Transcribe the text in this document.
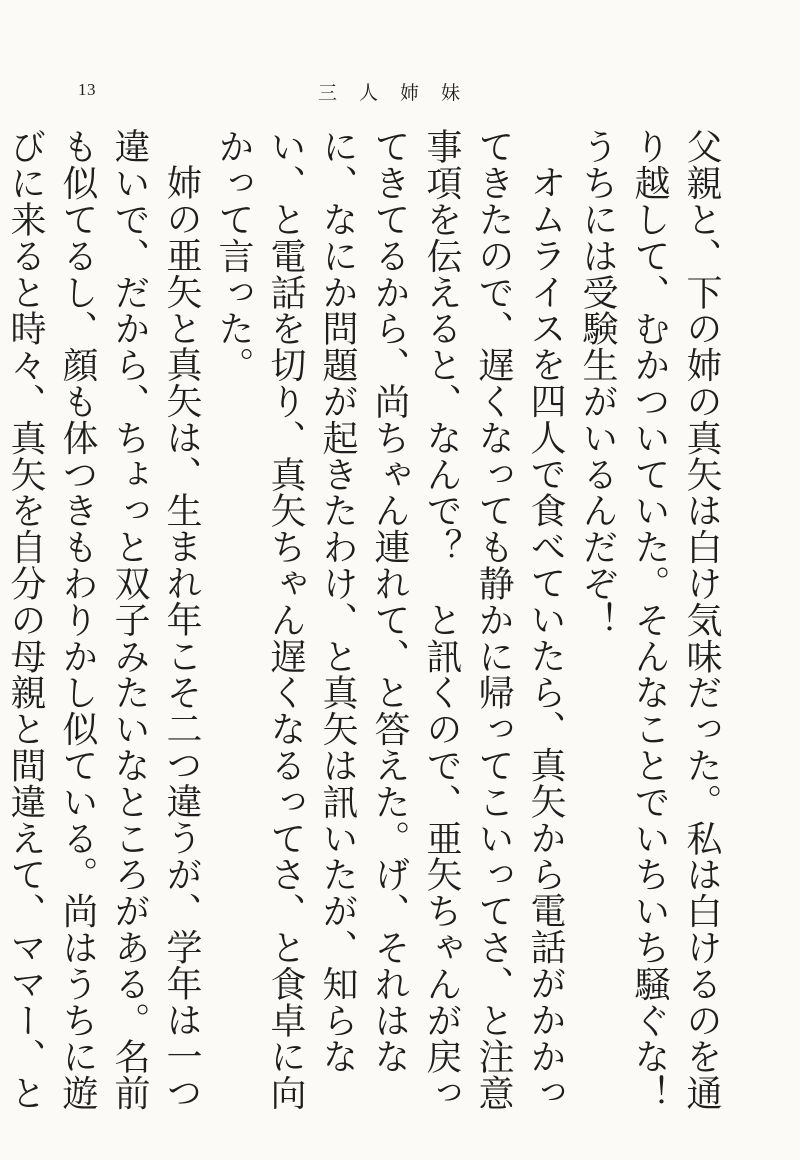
13	三人姉妹

父親と、下の姉の真矢は白け気味だった。私は白けるのを通り越して、むかついていた。そんなことでいちいち騒ぐな！　うちには受験生がいるんだぞ！

オムライスを四人で食べていたら、真矢から電話がかかってきたので、遅くなっても静かに帰ってこいってさ、と注意事項を伝えると、なんで？　と訊くので、亜矢ちゃんが戻ってきてるから、尚ちゃん連れて、と答えた。げ、それはなに、なにか問題が起きたわけ、と真矢は訊いたが、知らない、と電話を切り、真矢ちゃん遅くなるってさ、と食卓に向かって言った。

姉の亜矢と真矢は、生まれ年こそ二つ違うが、学年は一つ違いで、だから、ちょっと双子みたいなところがある。名前も似てるし、顔も体つきもわりかし似ている。尚はうちに遊びに来ると時々、真矢を自分の母親と間違えて、ママー、と
